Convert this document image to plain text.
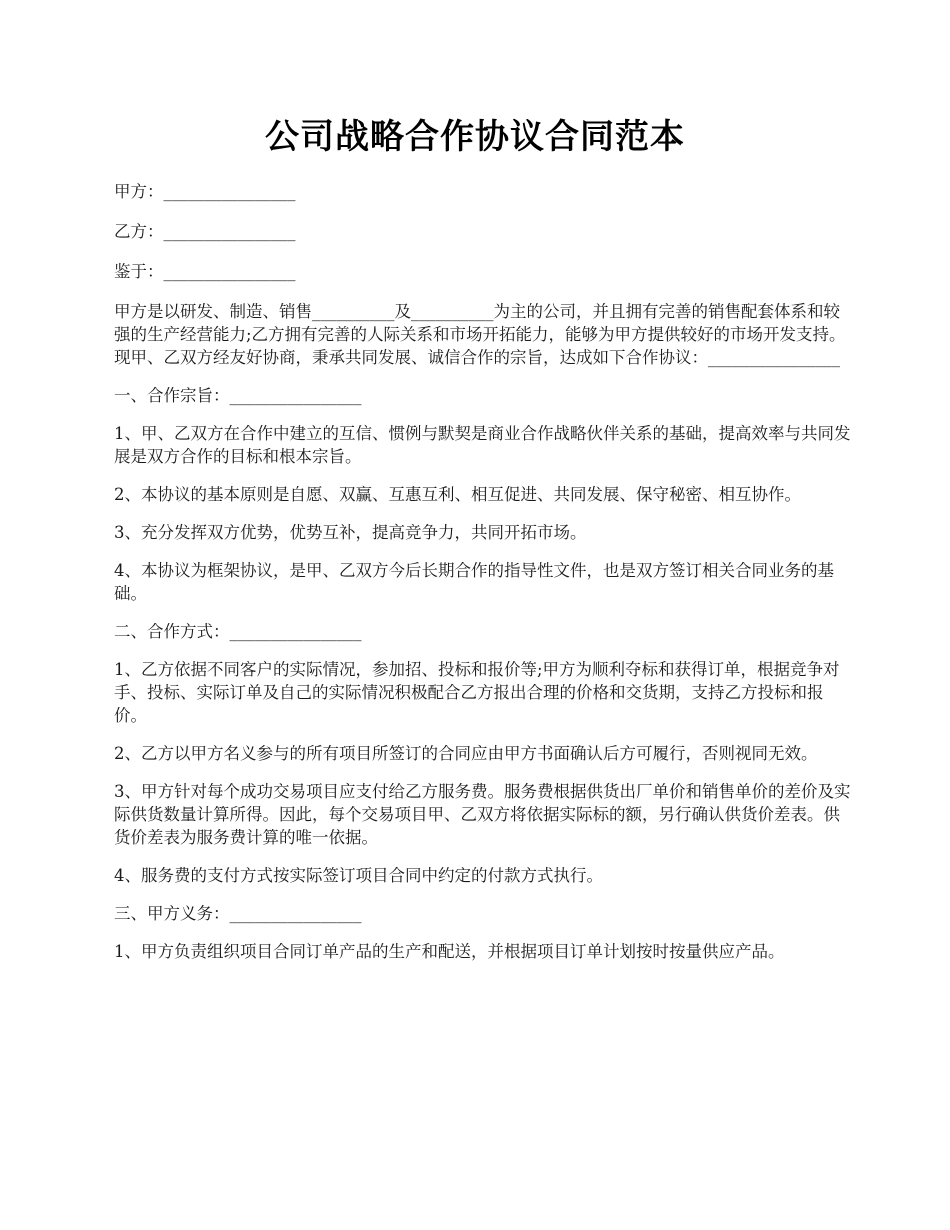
公司战略合作协议合同范本

甲方：________________

乙方：________________

鉴于：________________

甲方是以研发、制造、销售__________及__________为主的公司，并且拥有完善的销售配套体系和较强的生产经营能力;乙方拥有完善的人际关系和市场开拓能力，能够为甲方提供较好的市场开发支持。现甲、乙双方经友好协商，秉承共同发展、诚信合作的宗旨，达成如下合作协议：________________

一、合作宗旨：________________

1、甲、乙双方在合作中建立的互信、惯例与默契是商业合作战略伙伴关系的基础，提高效率与共同发展是双方合作的目标和根本宗旨。

2、本协议的基本原则是自愿、双赢、互惠互利、相互促进、共同发展、保守秘密、相互协作。

3、充分发挥双方优势，优势互补，提高竞争力，共同开拓市场。

4、本协议为框架协议，是甲、乙双方今后长期合作的指导性文件，也是双方签订相关合同业务的基础。

二、合作方式：________________

1、乙方依据不同客户的实际情况，参加招、投标和报价等;甲方为顺利夺标和获得订单，根据竞争对手、投标、实际订单及自己的实际情况积极配合乙方报出合理的价格和交货期，支持乙方投标和报价。

2、乙方以甲方名义参与的所有项目所签订的合同应由甲方书面确认后方可履行，否则视同无效。

3、甲方针对每个成功交易项目应支付给乙方服务费。服务费根据供货出厂单价和销售单价的差价及实际供货数量计算所得。因此，每个交易项目甲、乙双方将依据实际标的额，另行确认供货价差表。供货价差表为服务费计算的唯一依据。

4、服务费的支付方式按实际签订项目合同中约定的付款方式执行。

三、甲方义务：________________

1、甲方负责组织项目合同订单产品的生产和配送，并根据项目订单计划按时按量供应产品。
